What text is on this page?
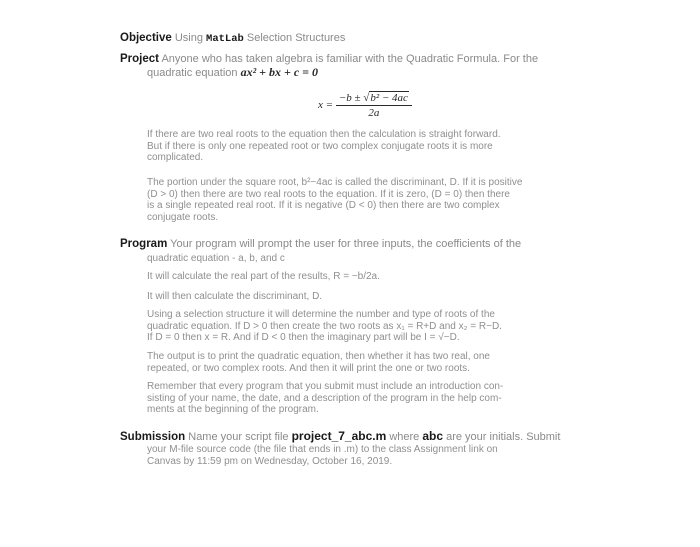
Objective Using MatLab Selection Structures
Project Anyone who has taken algebra is familiar with the Quadratic Formula. For the
quadratic equation ax² + bx + c = 0
$x = \frac{\text{−b ± √b² − 4ac}}{2a}$
If there are two real roots to the equation then the calculation is straight forward.
But if there is only one repeated root or two complex conjugate roots it is more
complicated.
The portion under the square root, b²−4ac is called the discriminant, D. If it is positive
(D > 0) then there are two real roots to the equation. If it is zero, (D = 0) then there
is a single repeated real root. If it is negative (D < 0) then there are two complex
conjugate roots.
Program Your program will prompt the user for three inputs, the coefficients of the
quadratic equation - a, b, and c
It will calculate the real part of the results, R = −b/2a.
It will then calculate the discriminant, D.
Using a selection structure it will determine the number and type of roots of the
quadratic equation. If D > 0 then create the two roots as x₁ = R+D and x₂ = R−D.
If D = 0 then x = R. And if D < 0 then the imaginary part will be I = √−D.
The output is to print the quadratic equation, then whether it has two real, one
repeated, or two complex roots. And then it will print the one or two roots.
Remember that every program that you submit must include an introduction con-
sisting of your name, the date, and a description of the program in the help com-
ments at the beginning of the program.
Submission Name your script file project_7_abc.m where abc are your initials. Submit
your M-file source code (the file that ends in .m) to the class Assignment link on
Canvas by 11:59 pm on Wednesday, October 16, 2019.
